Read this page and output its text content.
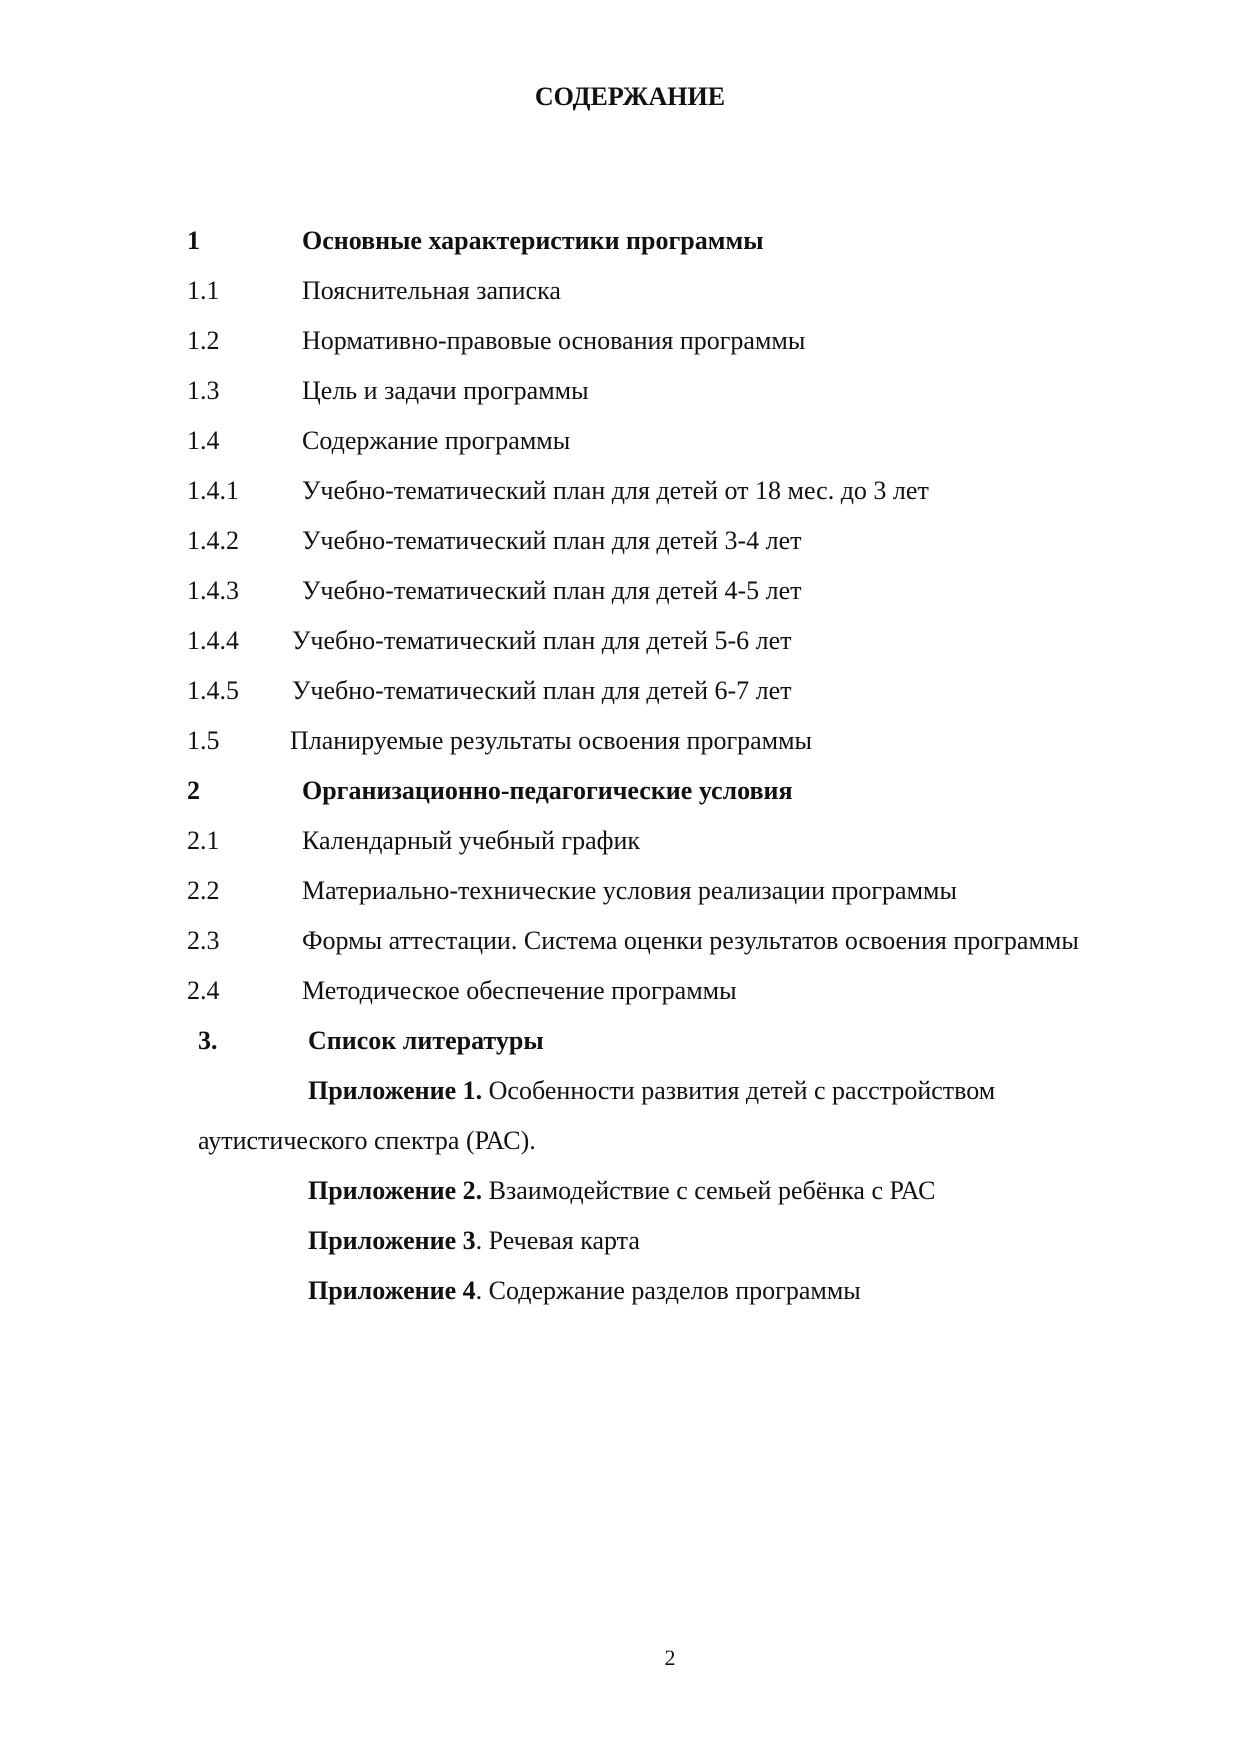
СОДЕРЖАНИЕ
1	Основные характеристики программы
1.1	Пояснительная записка
1.2	Нормативно-правовые основания программы
1.3	Цель и задачи программы
1.4	Содержание программы
1.4.1 Учебно-тематический план для детей от 18 мес. до 3 лет
1.4.2 Учебно-тематический план для детей 3-4 лет
1.4.3 Учебно-тематический план для детей 4-5 лет
1.4.4 Учебно-тематический план для детей 5-6 лет
1.4.5 Учебно-тематический план для детей 6-7 лет
1.5	Планируемые результаты освоения программы
2	Организационно-педагогические условия
2.1	Календарный учебный график
2.2	Материально-технические условия реализации программы
2.3	Формы аттестации. Система оценки результатов освоения программы
2.4	Методическое обеспечение программы
3.	Список литературы
Приложение 1. Особенности развития детей с расстройством
аутистического спектра (РАС).
Приложение 2. Взаимодействие с семьей ребёнка с РАС
Приложение 3. Речевая карта
Приложение 4. Содержание разделов программы
2
